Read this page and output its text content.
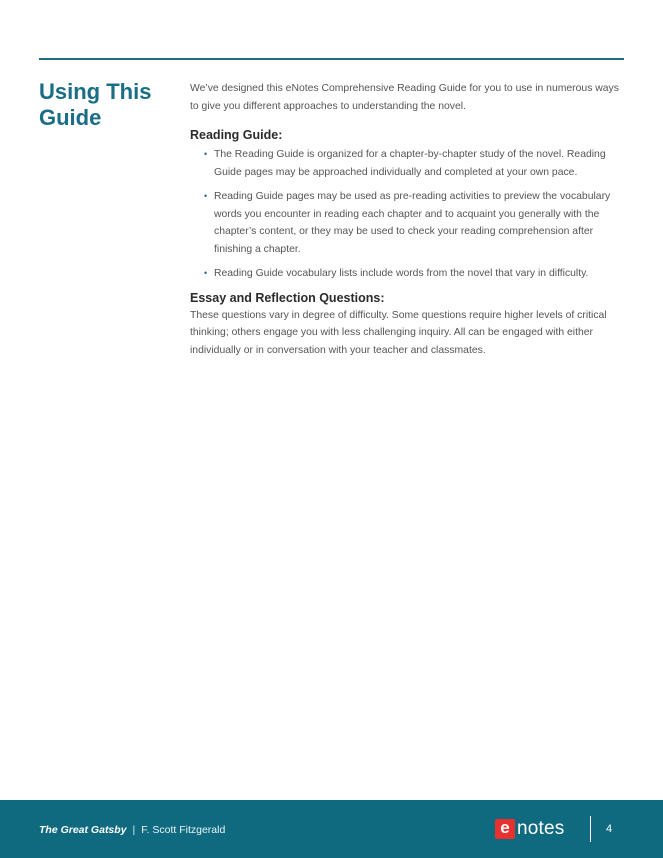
Using This Guide

We’ve designed this eNotes Comprehensive Reading Guide for you to use in numerous ways to give you different approaches to understanding the novel.

Reading Guide:
• The Reading Guide is organized for a chapter-by-chapter study of the novel. Reading Guide pages may be approached individually and completed at your own pace.
• Reading Guide pages may be used as pre-reading activities to preview the vocabulary words you encounter in reading each chapter and to acquaint you generally with the chapter’s content, or they may be used to check your reading comprehension after finishing a chapter.
• Reading Guide vocabulary lists include words from the novel that vary in difficulty.
Essay and Reflection Questions:

These questions vary in degree of difficulty. Some questions require higher levels of critical thinking; others engage you with less challenging inquiry. All can be engaged with either individually or in conversation with your teacher and classmates.

The Great Gatsby | F. Scott Fitzgerald	e notes	4
